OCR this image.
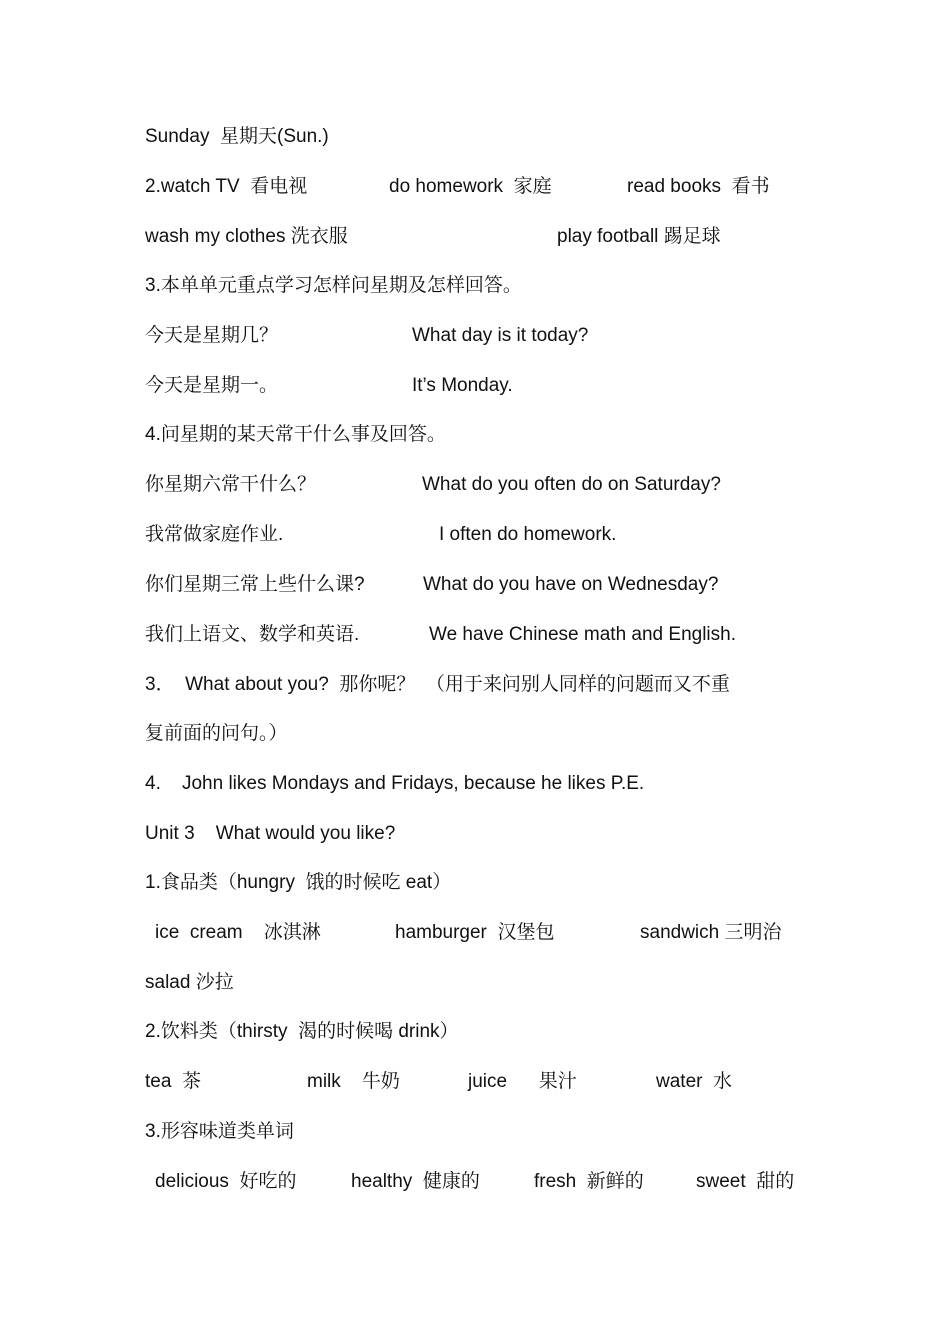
Sunday  星期天(Sun.)
2.watch TV  看电视	do homework  家庭	read books  看书
wash my clothes 洗衣服	play football 踢足球
3.本单单元重点学习怎样问星期及怎样回答。
今天是星期几？	What day is it today?
今天是星期一。	It’s Monday.
4.问星期的某天常干什么事及回答。
你星期六常干什么？	What do you often do on Saturday?
我常做家庭作业.	I often do homework.
你们星期三常上些什么课?	What do you have on Wednesday?
我们上语文、数学和英语.	We have Chinese math and English.
3．  What about you?  那你呢？  （用于来问别人同样的问题而又不重
复前面的问句。）
4.    John likes Mondays and Fridays, because he likes P.E.
Unit 3    What would you like?
1.食品类（hungry  饿的时候吃 eat）
ice  cream    冰淇淋	hamburger  汉堡包	sandwich 三明治
salad 沙拉
2.饮料类（thirsty  渴的时候喝 drink）
tea  茶	milk    牛奶	juice      果汁	water  水
3.形容味道类单词
delicious  好吃的	healthy  健康的	fresh  新鲜的	sweet  甜的
